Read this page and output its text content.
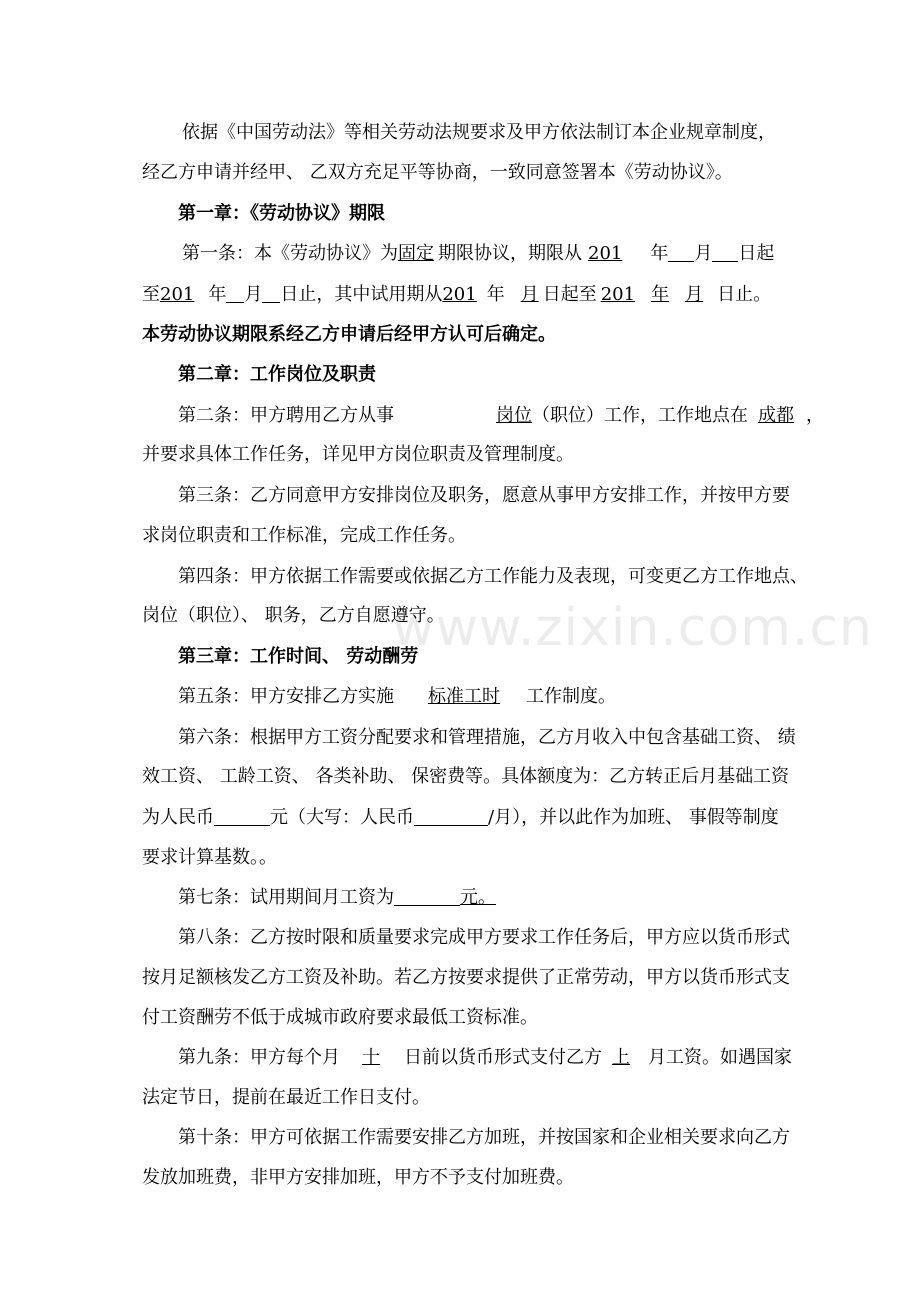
www.zixin.com.cn
依据《中国劳动法》等相关劳动法规要求及甲方依法制订本企业规章制度，
经乙方申请并经甲、 乙双方充足平等协商，一致同意签署本《劳动协议》。
第一章：《劳动协议》期限
第一条：本《劳动协议》为固定 期限协议，期限从 201 年 月 日起
至201 年 月 日止，其中试用期从201 年 月 日起至 201 年 月 日止。
本劳动协议期限系经乙方申请后经甲方认可后确定。
第二章：工作岗位及职责
第二条：甲方聘用乙方从事	岗位（职位）工作，工作地点在 成都 ，
并要求具体工作任务，详见甲方岗位职责及管理制度。
第三条：乙方同意甲方安排岗位及职务，愿意从事甲方安排工作，并按甲方要
求岗位职责和工作标准，完成工作任务。
第四条：甲方依据工作需要或依据乙方工作能力及表现，可变更乙方工作地点、
岗位（职位）、 职务，乙方自愿遵守。
第三章：工作时间、 劳动酬劳
第五条：甲方安排乙方实施 标准工时 工作制度。
第六条：根据甲方工资分配要求和管理措施，乙方月收入中包含基础工资、 绩
效工资、 工龄工资、 各类补助、 保密费等。具体额度为：乙方转正后月基础工资
为人民币	元（大写：人民币	/月），并以此作为加班、 事假等制度
要求计算基数。。
第七条：试用期间月工资为	元。
第八条：乙方按时限和质量要求完成甲方要求工作任务后，甲方应以货币形式
按月足额核发乙方工资及补助。若乙方按要求提供了正常劳动，甲方以货币形式支
付工资酬劳不低于成城市政府要求最低工资标准。
第九条：甲方每个月 十 日前以货币形式支付乙方 上 月工资。如遇国家
法定节日，提前在最近工作日支付。
第十条：甲方可依据工作需要安排乙方加班，并按国家和企业相关要求向乙方
发放加班费，非甲方安排加班，甲方不予支付加班费。
